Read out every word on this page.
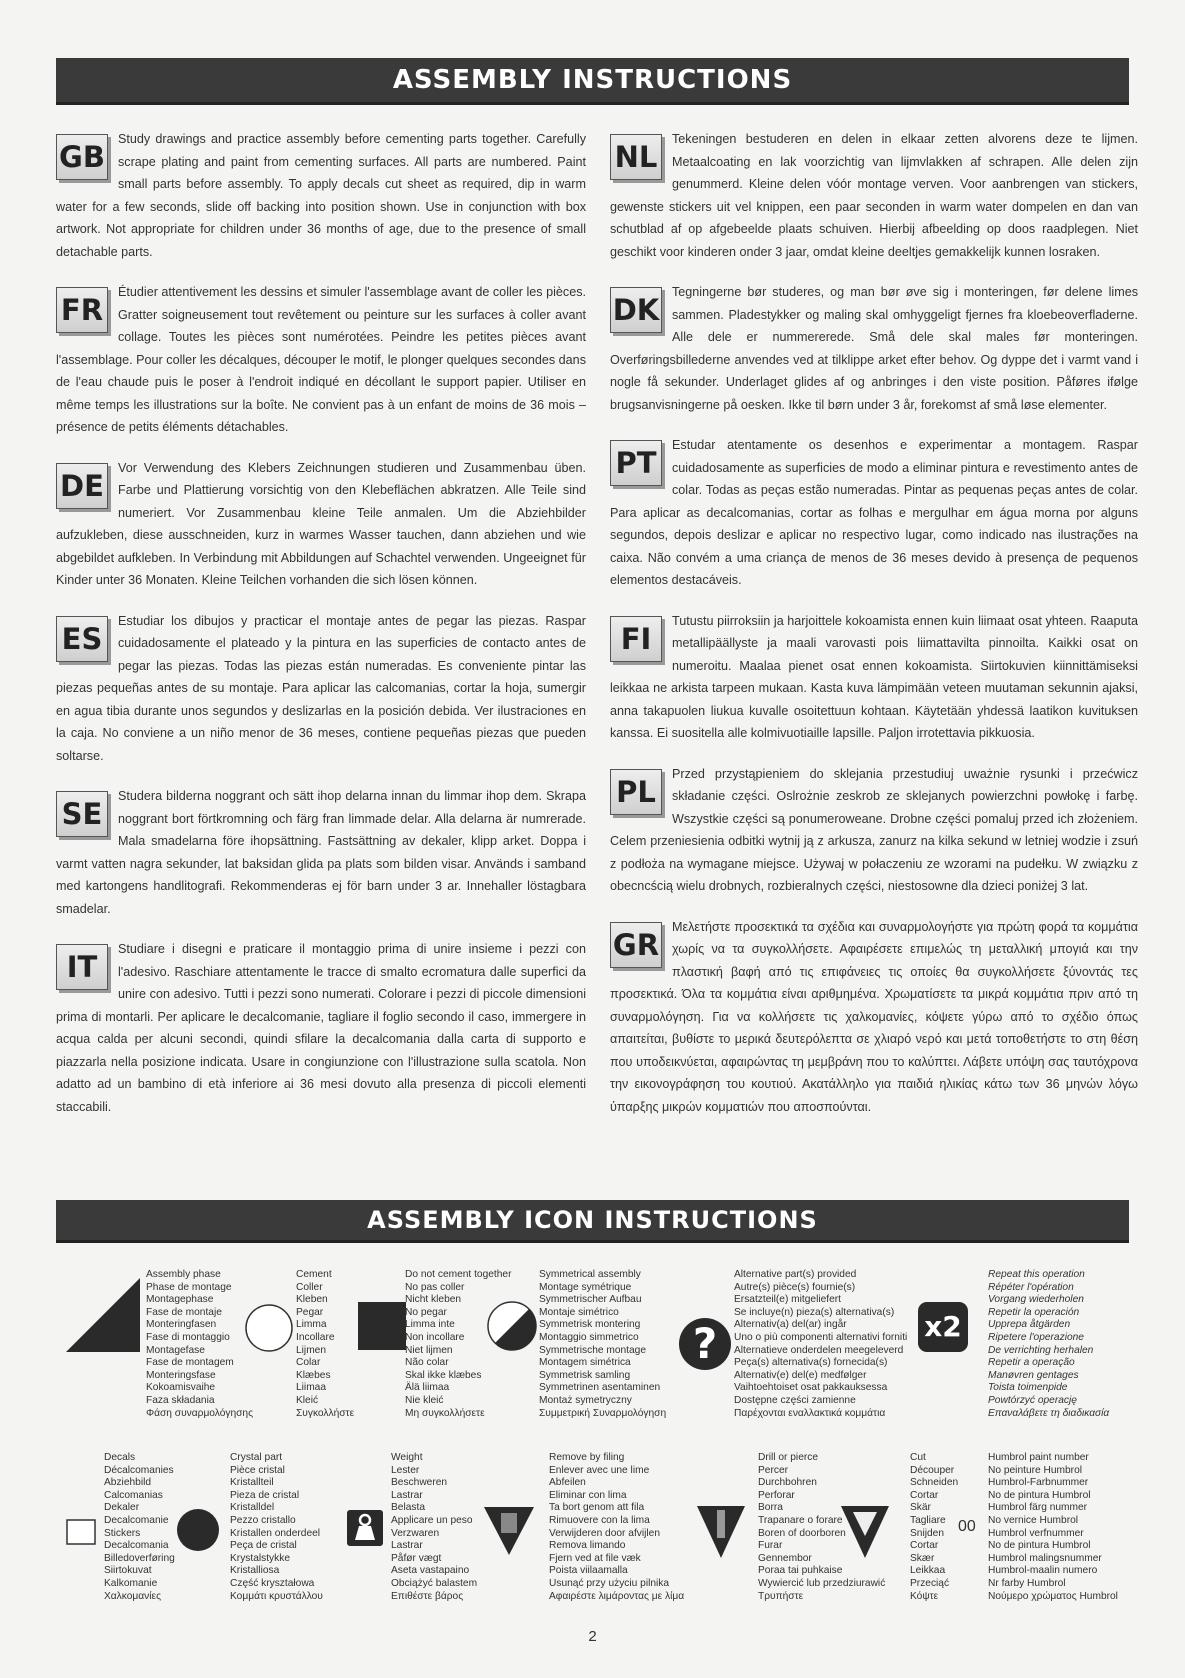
ASSEMBLY INSTRUCTIONS
GB
Study drawings and practice assembly before cementing parts together. Carefully scrape plating and paint from cementing surfaces. All parts are numbered. Paint small parts before assembly. To apply decals cut sheet as required, dip in warm water for a few seconds, slide off backing into position shown. Use in conjunction with box artwork. Not appropriate for children under 36 months of age, due to the presence of small detachable parts.
FR
Étudier attentivement les dessins et simuler l'assemblage avant de coller les pièces. Gratter soigneusement tout revêtement ou peinture sur les surfaces à coller avant collage. Toutes les pièces sont numérotées. Peindre les petites pièces avant l'assemblage. Pour coller les décalques, découper le motif, le plonger quelques secondes dans de l'eau chaude puis le poser à l'endroit indiqué en décollant le support papier. Utiliser en même temps les illustrations sur la boîte. Ne convient pas à un enfant de moins de 36 mois – présence de petits éléments détachables.
DE
Vor Verwendung des Klebers Zeichnungen studieren und Zusammenbau üben. Farbe und Plattierung vorsichtig von den Klebeflächen abkratzen. Alle Teile sind numeriert. Vor Zusammenbau kleine Teile anmalen. Um die Abziehbilder aufzukleben, diese ausschneiden, kurz in warmes Wasser tauchen, dann abziehen und wie abgebildet aufkleben. In Verbindung mit Abbildungen auf Schachtel verwenden. Ungeeignet für Kinder unter 36 Monaten. Kleine Teilchen vorhanden die sich lösen können.
ES
Estudiar los dibujos y practicar el montaje antes de pegar las piezas. Raspar cuidadosamente el plateado y la pintura en las superficies de contacto antes de pegar las piezas. Todas las piezas están numeradas. Es conveniente pintar las piezas pequeñas antes de su montaje. Para aplicar las calcomanias, cortar la hoja, sumergir en agua tibia durante unos segundos y deslizarlas en la posición debida. Ver ilustraciones en la caja. No conviene a un niño menor de 36 meses, contiene pequeñas piezas que pueden soltarse.
SE
Studera bilderna noggrant och sätt ihop delarna innan du limmar ihop dem. Skrapa noggrant bort förtkromning och färg fran limmade delar. Alla delarna är numrerade. Mala smadelarna före ihopsättning. Fastsättning av dekaler, klipp arket. Doppa i varmt vatten nagra sekunder, lat baksidan glida pa plats som bilden visar. Används i samband med kartongens handlitografi. Rekommenderas ej för barn under 3 ar. Innehaller löstagbara smadelar.
IT
Studiare i disegni e praticare il montaggio prima di unire insieme i pezzi con l'adesivo. Raschiare attentamente le tracce di smalto ecromatura dalle superfici da unire con adesivo. Tutti i pezzi sono numerati. Colorare i pezzi di piccole dimensioni prima di montarli. Per aplicare le decalcomanie, tagliare il foglio secondo il caso, immergere in acqua calda per alcuni secondi, quindi sfilare la decalcomania dalla carta di supporto e piazzarla nella posizione indicata. Usare in congiunzione con l'illustrazione sulla scatola. Non adatto ad un bambino di età inferiore ai 36 mesi dovuto alla presenza di piccoli elementi staccabili.
NL
Tekeningen bestuderen en delen in elkaar zetten alvorens deze te lijmen. Metaalcoating en lak voorzichtig van lijmvlakken af schrapen. Alle delen zijn genummerd. Kleine delen vóór montage verven. Voor aanbrengen van stickers, gewenste stickers uit vel knippen, een paar seconden in warm water dompelen en dan van schutblad af op afgebeelde plaats schuiven. Hierbij afbeelding op doos raadplegen. Niet geschikt voor kinderen onder 3 jaar, omdat kleine deeltjes gemakkelijk kunnen losraken.
DK
Tegningerne bør studeres, og man bør øve sig i monteringen, før delene limes sammen. Pladestykker og maling skal omhyggeligt fjernes fra kloebeoverfladerne. Alle dele er nummererede. Små dele skal males før monteringen. Overføringsbillederne anvendes ved at tilklippe arket efter behov. Og dyppe det i varmt vand i nogle få sekunder. Underlaget glides af og anbringes i den viste position. Påføres ifølge brugsanvisningerne på oesken. Ikke til børn under 3 år, forekomst af små løse elementer.
PT
Estudar atentamente os desenhos e experimentar a montagem. Raspar cuidadosamente as superficies de modo a eliminar pintura e revestimento antes de colar. Todas as peças estão numeradas. Pintar as pequenas peças antes de colar. Para aplicar as decalcomanias, cortar as folhas e mergulhar em água morna por alguns segundos, depois deslizar e aplicar no respectivo lugar, como indicado nas ilustrações na caixa. Não convém a uma criança de menos de 36 meses devido à presença de pequenos elementos destacáveis.
FI
Tutustu piirroksiin ja harjoittele kokoamista ennen kuin liimaat osat yhteen. Raaputa metallipäällyste ja maali varovasti pois liimattavilta pinnoilta. Kaikki osat on numeroitu. Maalaa pienet osat ennen kokoamista. Siirtokuvien kiinnittämiseksi leikkaa ne arkista tarpeen mukaan. Kasta kuva lämpimään veteen muutaman sekunnin ajaksi, anna takapuolen liukua kuvalle osoitettuun kohtaan. Käytetään yhdessä laatikon kuvituksen kanssa. Ei suositella alle kolmivuotiaille lapsille. Paljon irrotettavia pikkuosia.
PL
Przed przystąpieniem do sklejania przestudiuj uważnie rysunki i przećwicz składanie części. Oslrożnie zeskrob ze sklejanych powierzchni powłokę i farbę. Wszystkie części są ponumeroweane. Drobne części pomaluj przed ich złożeniem. Celem przeniesienia odbitki wytnij ją z arkusza, zanurz na kilka sekund w letniej wodzie i zsuń z podłoża na wymagane miejsce. Używaj w połaczeniu ze wzorami na pudełku. W związku z obecncścią wielu drobnych, rozbieralnych części, niestosowne dla dzieci poniżej 3 lat.
GR
Μελετήστε προσεκτικά τα σχέδια και συναρμολογήστε για πρώτη φορά τα κομμάτια χωρίς να τα συγκολλήσετε. Αφαιρέσετε επιμελώς τη μεταλλική μπογιά και την πλαστική βαφή από τις επιφάνειες τις οποίες θα συγκολλήσετε ξύνοντάς τες προσεκτικά. Όλα τα κομμάτια είναι αριθμημένα. Χρωματίσετε τα μικρά κομμάτια πριν από τη συναρμολόγηση. Για να κολλήσετε τις χαλκομανίες, κόψετε γύρω από το σχέδιο όπως απαιτείται, βυθίστε το μερικά δευτερόλεπτα σε χλιαρό νερό και μετά τοποθετήστε το στη θέση που υποδεικνύεται, αφαιρώντας τη μεμβράνη που το καλύπτει. Λάβετε υπόψη σας ταυτόχρονα την εικονογράφηση του κουτιού. Ακατάλληλο για παιδιά ηλικίας κάτω των 36 μηνών λόγω ύπαρξης μικρών κομματιών που αποσπούνται.
ASSEMBLY ICON INSTRUCTIONS
?	x2
00
Assembly phase
Phase de montage
Montagephase
Fase de montaje
Monteringfasen
Fase di montaggio
Montagefase
Fase de montagem
Monteringsfase
Kokoamisvaihe
Faza składania
Φάση συναρμολόγησης
Cement
Coller
Kleben
Pegar
Limma
Incollare
Lijmen
Colar
Klæbes
Liimaa
Kleić
Συγκολλήστε
Do not cement together
No pas coller
Nicht kleben
No pegar
Limma inte
Non incollare
Niet lijmen
Não colar
Skal ikke klæbes
Älä liimaa
Nie kleić
Μη συγκολλήσετε
Symmetrical assembly
Montage symétrique
Symmetrischer Aufbau
Montaje simétrico
Symmetrisk montering
Montaggio simmetrico
Symmetrische montage
Montagem simétrica
Symmetrisk samling
Symmetrinen asentaminen
Montaż symetryczny
Συμμετρική Συναρμολόγηση
Alternative part(s) provided
Autre(s) pièce(s) fournie(s)
Ersatzteil(e) mitgeliefert
Se incluye(n) pieza(s) alternativa(s)
Alternativ(a) del(ar) ingår
Uno o più componenti alternativi forniti
Alternatieve onderdelen meegeleverd
Peça(s) alternativa(s) fornecida(s)
Alternativ(e) del(e) medfølger
Vaihtoehtoiset osat pakkauksessa
Dostępne części zamienne
Παρέχονται εναλλακτικά κομμάτια
Repeat this operation
Répéter l'opération
Vorgang wiederholen
Repetir la operación
Upprepa åtgärden
Ripetere l'operazione
De verrichting herhalen
Repetir a operação
Manøvren gentages
Toista toimenpide
Powtórzyć operację
Επαναλάβετε τη διαδικασία
Decals
Décalcomanies
Abziehbild
Calcomanias
Dekaler
Decalcomanie
Stickers
Decalcomania
Billedoverføring
Siirtokuvat
Kalkomanie
Χαλκομανίες
Crystal part
Pièce cristal
Kristallteil
Pieza de cristal
Kristalldel
Pezzo cristallo
Kristallen onderdeel
Peça de cristal
Krystalstykke
Kristalliosa
Część kryształowa
Κομμάτι κρυστάλλου
Weight
Lester
Beschweren
Lastrar
Belasta
Applicare un peso
Verzwaren
Lastrar
Påfør vægt
Aseta vastapaino
Obciążyć balastem
Επιθέστε βάρος
Remove by filing
Enlever avec une lime
Abfeilen
Eliminar con lima
Ta bort genom att fila
Rimuovere con la lima
Verwijderen door afvijlen
Remova limando
Fjern ved at file væk
Poista viilaamalla
Usunąć przy użyciu pilnika
Αφαιρέστε λιμάροντας με λίμα
Drill or pierce
Percer
Durchbohren
Perforar
Borra
Trapanare o forare
Boren of doorboren
Furar
Gennembor
Poraa tai puhkaise
Wywiercić lub przedziurawić
Τρυπήστε
Cut
Découper
Schneiden
Cortar
Skär
Tagliare
Snijden
Cortar
Skær
Leikkaa
Przeciąć
Κόψτε
Humbrol paint number
No peinture Humbrol
Humbrol-Farbnummer
No de pintura Humbrol
Humbrol färg nummer
No vernice Humbrol
Humbrol verfnummer
No de pintura Humbrol
Humbrol malingsnummer
Humbrol-maalin numero
Nr farby Humbrol
Νούμερο χρώματος Humbrol
2
